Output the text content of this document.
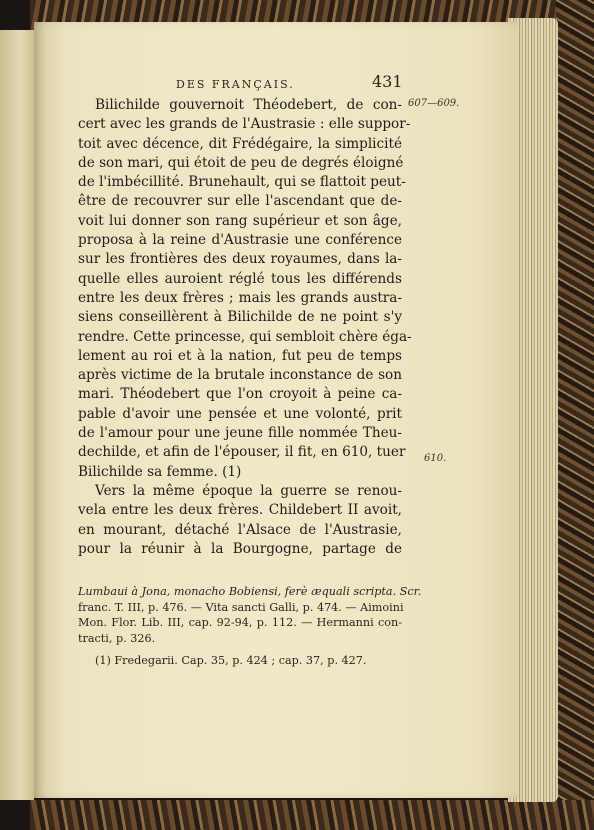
DES FRANÇAIS.	431
607—609.
610.
Bilichilde gouvernoit Théodebert, de con-
cert avec les grands de l'Austrasie : elle suppor-
toit avec décence, dit Frédégaire, la simplicité
de son mari, qui étoit de peu de degrés éloigné
de l'imbécillité. Brunehault, qui se flattoit peut-
être de recouvrer sur elle l'ascendant que de-
voit lui donner son rang supérieur et son âge,
proposa à la reine d'Austrasie une conférence
sur les frontières des deux royaumes, dans la-
quelle elles auroient réglé tous les différends
entre les deux frères ; mais les grands austra-
siens conseillèrent à Bilichilde de ne point s'y
rendre. Cette princesse, qui sembloit chère éga-
lement au roi et à la nation, fut peu de temps
après victime de la brutale inconstance de son
mari. Théodebert que l'on croyoit à peine ca-
pable d'avoir une pensée et une volonté, prit
de l'amour pour une jeune fille nommée Theu-
dechilde, et afin de l'épouser, il fit, en 610, tuer
Bilichilde sa femme. (1)
Vers la même époque la guerre se renou-
vela entre les deux frères. Childebert II avoit,
en mourant, détaché l'Alsace de l'Austrasie,
pour la réunir à la Bourgogne, partage de
Lumbaui à Jona, monacho Bobiensi, ferè æquali scripta. Scr.
franc. T. III, p. 476. — Vita sancti Galli, p. 474. — Aimoini
Mon. Flor. Lib. III, cap. 92-94, p. 112. — Hermanni con-
tracti, p. 326.
(1) Fredegarii. Cap. 35, p. 424 ; cap. 37, p. 427.
